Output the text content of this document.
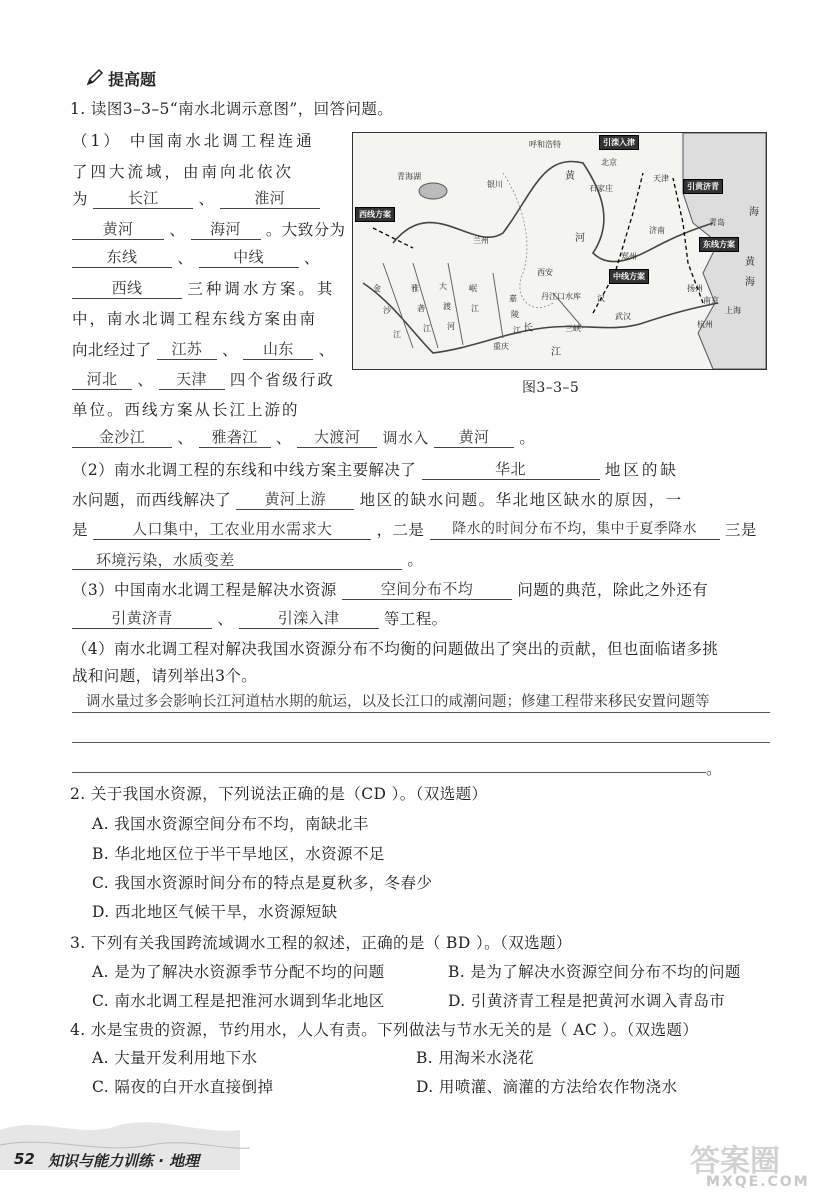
提高题
1. 读图3–3–5“南水北调示意图”，回答问题。
（1） 中国南水北调工程连通
了四大流域，由南向北依次
为	长江	、	淮河
黄河 、 海河 。大致分为
东线	、	中线	、
西线	三种调水方案。其
中，南水北调工程东线方案由南
向北经过了 江苏 、 山东 、
河北 、 天津 四个省级行政
单位。西线方案从长江上游的
金沙江 、 雅砻江 、 大渡河 调水入 黄河 。
引滦入津
北京
呼和浩特
天津
石家庄	引黄济青
青海湖
银川
黄
河
兰州
济南
青岛
西线方案
东线方案
中线方案
西安
郑州
丹江口水库
武汉
扬州
上海
南京
杭州
重庆
长
江
三峡
金
沙
江
雅
砻
江
大
渡
河
岷
江
嘉
陵
江
汉
黄
海
海
图3–3–5
（2）南水北调工程的东线和中线方案主要解决了	华北	地区的缺
水问题，而西线解决了 黄河上游 地区的缺水问题。华北地区缺水的原因，一
是	人口集中，工农业用水需求大	，二是 降水的时间分布不均，集中于夏季降水 三是
环境污染，水质变差	。
（3）中国南水北调工程是解决水资源	空间分布不均	问题的典范，除此之外还有
引黄济青	、	引滦入津	等工程。
（4）南水北调工程对解决我国水资源分布不均衡的问题做出了突出的贡献，但也面临诸多挑
战和问题，请列举出3个。
调水量过多会影响长江河道枯水期的航运，以及长江口的咸潮问题；修建工程带来移民安置问题等
。
2. 关于我国水资源，下列说法正确的是（CD ）。（双选题）
A. 我国水资源空间分布不均，南缺北丰
B. 华北地区位于半干旱地区，水资源不足
C. 我国水资源时间分布的特点是夏秋多，冬春少
D. 西北地区气候干旱，水资源短缺
3. 下列有关我国跨流域调水工程的叙述，正确的是（ BD ）。（双选题）
A. 是为了解决水资源季节分配不均的问题	B. 是为了解决水资源空间分布不均的问题
C. 南水北调工程是把淮河水调到华北地区	D. 引黄济青工程是把黄河水调入青岛市
4. 水是宝贵的资源，节约用水，人人有责。下列做法与节水无关的是（ AC ）。（双选题）
A. 大量开发利用地下水	B. 用淘米水浇花
C. 隔夜的白开水直接倒掉	D. 用喷灌、滴灌的方法给农作物浇水
52 知识与能力训练 · 地理	答案圈
MXQE.COM
